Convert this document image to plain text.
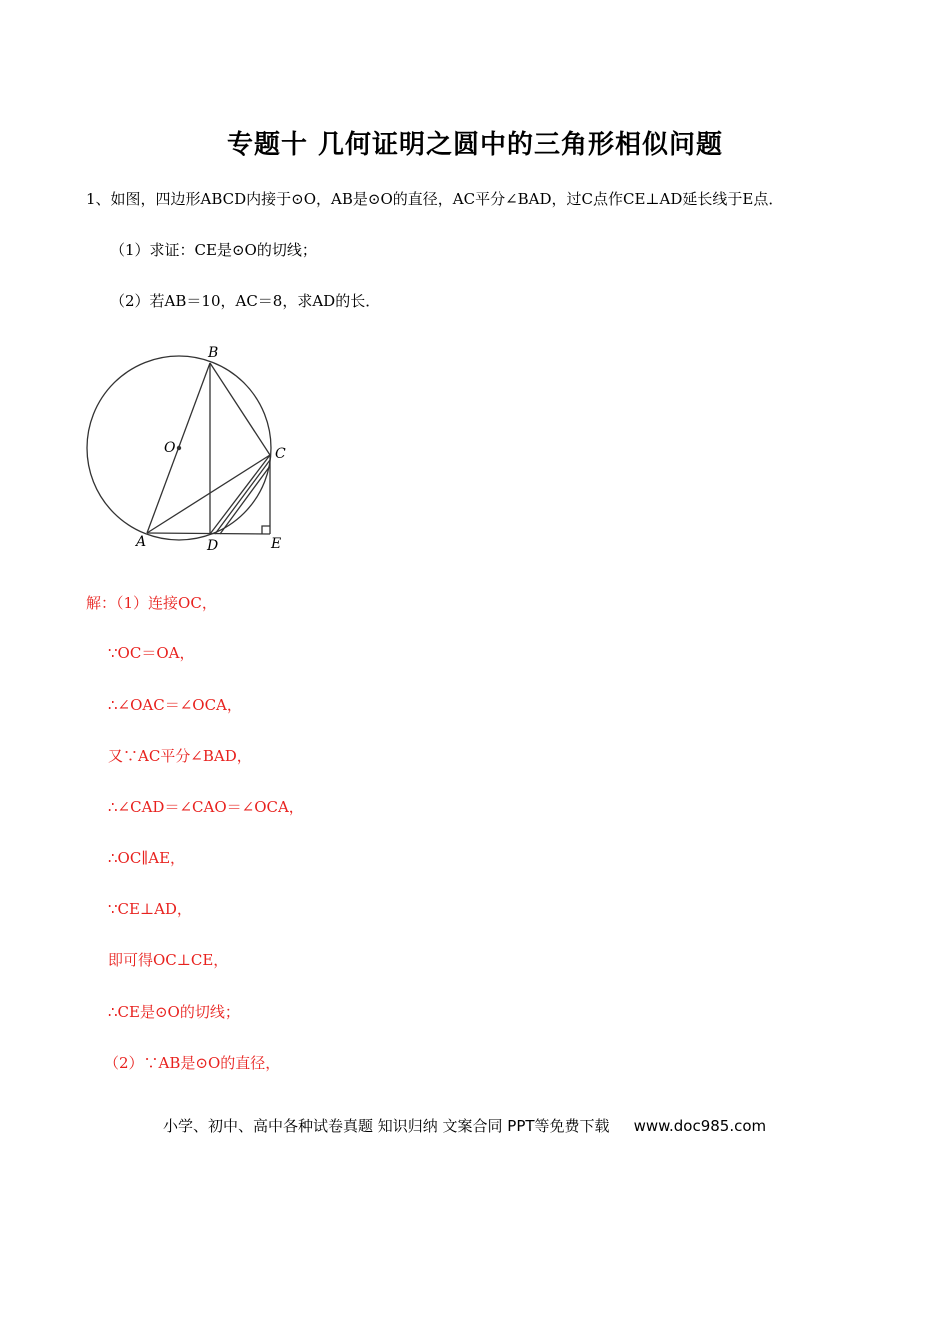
专题十 几何证明之圆中的三角形相似问题
1、如图，四边形ABCD内接于⊙O，AB是⊙O的直径，AC平分∠BAD，过C点作CE⊥AD延长线于E点．
（1）求证：CE是⊙O的切线；
（2）若AB＝10，AC＝8，求AD的长．
B
O	C
A	D	E
解：（1）连接OC，
∵OC＝OA，
∴∠OAC＝∠OCA，
又∵AC平分∠BAD，
∴∠CAD＝∠CAO＝∠OCA，
∴OC∥AE，
∵CE⊥AD，
即可得OC⊥CE，
∴CE是⊙O的切线；
（2）∵AB是⊙O的直径，
小学、初中、高中各种试卷真题 知识归纳 文案合同 PPT等免费下载 www.doc985.com
